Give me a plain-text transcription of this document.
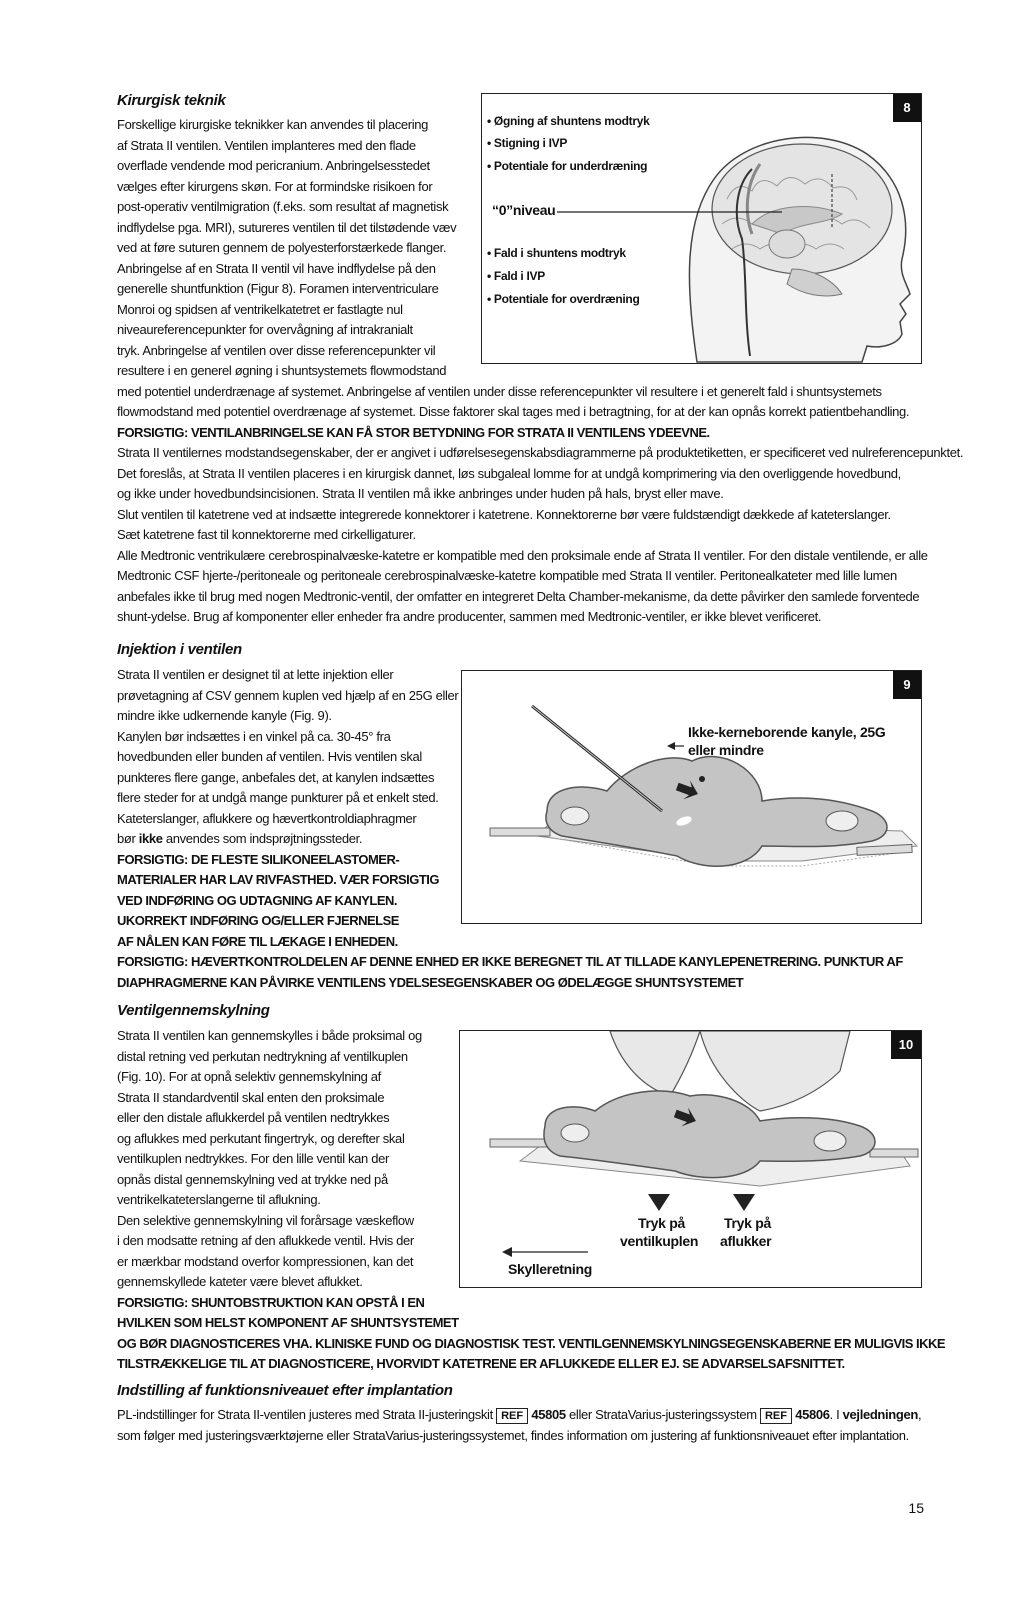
Kirurgisk teknik

Forskellige kirurgiske teknikker kan anvendes til placering

af Strata II ventilen. Ventilen implanteres med den flade

overflade vendende mod pericranium. Anbringelsesstedet

vælges efter kirurgens skøn. For at formindske risikoen for

post-operativ ventilmigration (f.eks. som resultat af magnetisk

indflydelse pga. MRI), sutureres ventilen til det tilstødende væv

ved at føre suturen gennem de polyesterforstærkede flanger.

Anbringelse af en Strata II ventil vil have indflydelse på den

generelle shuntfunktion (Figur 8). Foramen interventriculare

Monroi og spidsen af ventrikelkatetret er fastlagte nul

niveaureferencepunkter for overvågning af intrakranialt

tryk. Anbringelse af ventilen over disse referencepunkter vil

resultere i en generel øgning i shuntsystemets flowmodstand

med potentiel underdrænage af systemet. Anbringelse af ventilen under disse referencepunkter vil resultere i et generelt fald i shuntsystemets

flowmodstand med potentiel overdrænage af systemet. Disse faktorer skal tages med i betragtning, for at der kan opnås korrekt patientbehandling.

FORSIGTIG: VENTILANBRINGELSE KAN FÅ STOR BETYDNING FOR STRATA II VENTILENS YDEEVNE.

Strata II ventilernes modstandsegenskaber, der er angivet i udførelsesegenskabsdiagrammerne på produktetiketten, er specificeret ved nulreferencepunktet.

Det foreslås, at Strata II ventilen placeres i en kirurgisk dannet, løs subgaleal lomme for at undgå komprimering via den overliggende hovedbund,

og ikke under hovedbundsincisionen. Strata II ventilen må ikke anbringes under huden på hals, bryst eller mave.

Slut ventilen til katetrene ved at indsætte integrerede konnektorer i katetrene. Konnektorerne bør være fuldstændigt dækkede af kateterslanger.

Sæt katetrene fast til konnektorerne med cirkelligaturer.

Alle Medtronic ventrikulære cerebrospinalvæske-katetre er kompatible med den proksimale ende af Strata II ventiler. For den distale ventilende, er alle

Medtronic CSF hjerte-/peritoneale og peritoneale cerebrospinalvæske-katetre kompatible med Strata II ventiler. Peritonealkateter med lille lumen

anbefales ikke til brug med nogen Medtronic-ventil, der omfatter en integreret Delta Chamber-mekanisme, da dette påvirker den samlede forventede

shunt-ydelse. Brug af komponenter eller enheder fra andre producenter, sammen med Medtronic-ventiler, er ikke blevet verificeret.

8
• Øgning af shuntens modtryk
• Stigning i IVP
• Potentiale for underdræning
“0”niveau
• Fald i shuntens modtryk
• Fald i IVP
• Potentiale for overdræning
Injektion i ventilen

Strata II ventilen er designet til at lette injektion eller

prøvetagning af CSV gennem kuplen ved hjælp af en 25G eller

mindre ikke udkernende kanyle (Fig. 9).

Kanylen bør indsættes i en vinkel på ca. 30-45° fra

hovedbunden eller bunden af ventilen. Hvis ventilen skal

punkteres flere gange, anbefales det, at kanylen indsættes

flere steder for at undgå mange punkturer på et enkelt sted.

Kateterslanger, aflukkere og hævertkontroldiaphragmer

bør ikke anvendes som indsprøjtningssteder.

FORSIGTIG: DE FLESTE SILIKONEELASTOMER-

MATERIALER HAR LAV RIVFASTHED. VÆR FORSIGTIG

VED INDFØRING OG UDTAGNING AF KANYLEN.

UKORREKT INDFØRING OG/ELLER FJERNELSE

AF NÅLEN KAN FØRE TIL LÆKAGE I ENHEDEN.

FORSIGTIG: HÆVERTKONTROLDELEN AF DENNE ENHED ER IKKE BEREGNET TIL AT TILLADE KANYLEPENETRERING. PUNKTUR AF

DIAPHRAGMERNE KAN PÅVIRKE VENTILENS YDELSESEGENSKABER OG ØDELÆGGE SHUNTSYSTEMET

9
Ikke-kerneborende kanyle, 25G
eller mindre
Ventilgennemskylning

Strata II ventilen kan gennemskylles i både proksimal og

distal retning ved perkutan nedtrykning af ventilkuplen

(Fig. 10). For at opnå selektiv gennemskylning af

Strata II standardventil skal enten den proksimale

eller den distale aflukkerdel på ventilen nedtrykkes

og aflukkes med perkutant fingertryk, og derefter skal

ventilkuplen nedtrykkes. For den lille ventil kan der

opnås distal gennemskylning ved at trykke ned på

ventrikelkateterslangerne til aflukning.

Den selektive gennemskylning vil forårsage væskeflow

i den modsatte retning af den aflukkede ventil. Hvis der

er mærkbar modstand overfor kompressionen, kan det

gennemskyllede kateter være blevet aflukket.

FORSIGTIG: SHUNTOBSTRUKTION KAN OPSTÅ I EN

HVILKEN SOM HELST KOMPONENT AF SHUNTSYSTEMET

OG BØR DIAGNOSTICERES VHA. KLINISKE FUND OG DIAGNOSTISK TEST. VENTILGENNEMSKYLNINGSEGENSKABERNE ER MULIGVIS IKKE

TILSTRÆKKELIGE TIL AT DIAGNOSTICERE, HVORVIDT KATETRENE ER AFLUKKEDE ELLER EJ. SE ADVARSELSAFSNITTET.

10
Tryk på
ventilkuplen
Tryk på
aflukker
Skylleretning
Indstilling af funktionsniveauet efter implantation

PL-indstillinger for Strata II-ventilen justeres med Strata II-justeringskit REF 45805 eller StrataVarius-justeringssystem REF 45806. I vejledningen,

som følger med justeringsværktøjerne eller StrataVarius-justeringssystemet, findes information om justering af funktionsniveauet efter implantation.

15
